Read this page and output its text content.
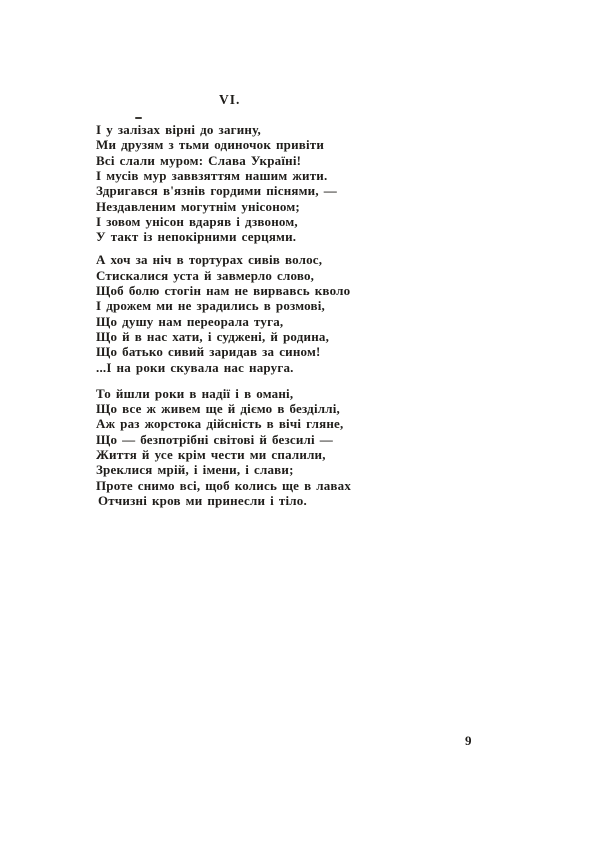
VI.
І у залізах вірні до загину,
Ми друзям з тьми одиночок привіти
Всі слали муром: Слава Україні!
І мусів мур заввзяттям нашим жити.
Здригався в'язнів гордими піснями, —
Нездавленим могутнім унісоном;
І зовом унісон вдаряв і дзвоном,
У такт із непокірними серцями.
А хоч за ніч в тортурах сивів волос,
Стискалися уста й завмерло слово,
Щоб болю стогін нам не вирвавсь кволо
І дрожем ми не зрадились в розмові,
Що душу нам переорала туга,
Що й в нас хати, і суджені, й родина,
Що батько сивий заридав за сином!
...І на роки скувала нас наруга.
То йшли роки в надії і в омані,
Що все ж живем ще й діємо в безділлі,
Аж раз жорстока дійсність в вічі гляне,
Що — безпотрібні світові й безсилі —
Життя й усе крім чести ми спалили,
Зреклися мрій, і імени, і слави;
Проте снимо всі, щоб колись ще в лавах
Отчизні кров ми принесли і тіло.
9
